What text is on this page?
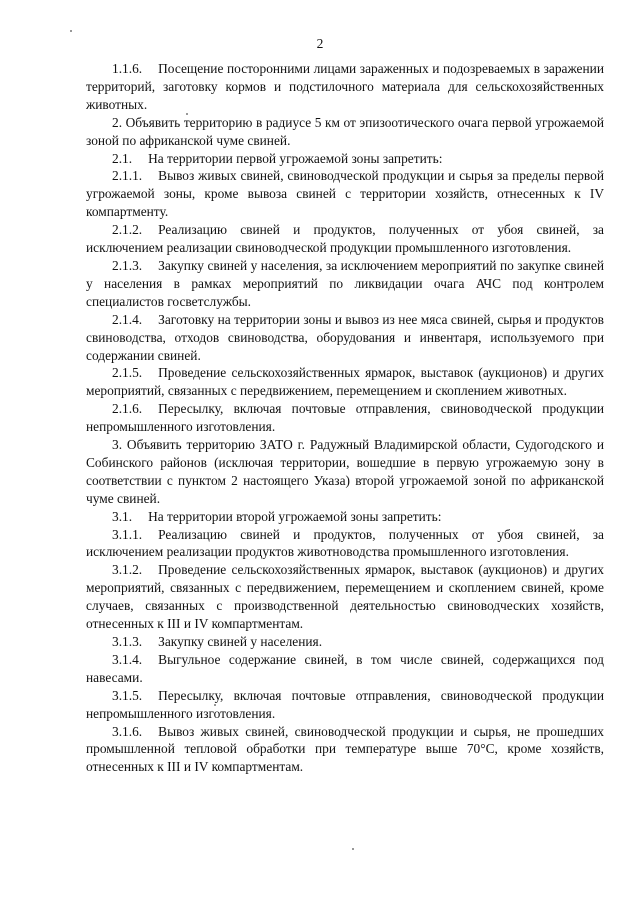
2

1.1.6. Посещение посторонними лицами зараженных и подозреваемых в заражении территорий, заготовку кормов и подстилочного материала для сельскохозяйственных животных.

2. Объявить территорию в радиусе 5 км от эпизоотического очага первой угрожаемой зоной по африканской чуме свиней.

2.1. На территории первой угрожаемой зоны запретить:

2.1.1. Вывоз живых свиней, свиноводческой продукции и сырья за пределы первой угрожаемой зоны, кроме вывоза свиней с территории хозяйств, отнесенных к IV компартменту.

2.1.2. Реализацию свиней и продуктов, полученных от убоя свиней, за исключением реализации свиноводческой продукции промышленного изготовления.

2.1.3. Закупку свиней у населения, за исключением мероприятий по закупке свиней у населения в рамках мероприятий по ликвидации очага АЧС под контролем специалистов госветслужбы.

2.1.4. Заготовку на территории зоны и вывоз из нее мяса свиней, сырья и продуктов свиноводства, отходов свиноводства, оборудования и инвентаря, используемого при содержании свиней.

2.1.5. Проведение сельскохозяйственных ярмарок, выставок (аукционов) и других мероприятий, связанных с передвижением, перемещением и скоплением животных.

2.1.6. Пересылку, включая почтовые отправления, свиноводческой продукции непромышленного изготовления.

3. Объявить территорию ЗАТО г. Радужный Владимирской области, Судогодского и Собинского районов (исключая территории, вошедшие в первую угрожаемую зону в соответствии с пунктом 2 настоящего Указа) второй угрожаемой зоной по африканской чуме свиней.

3.1. На территории второй угрожаемой зоны запретить:

3.1.1. Реализацию свиней и продуктов, полученных от убоя свиней, за исключением реализации продуктов животноводства промышленного изготовления.

3.1.2. Проведение сельскохозяйственных ярмарок, выставок (аукционов) и других мероприятий, связанных с передвижением, перемещением и скоплением свиней, кроме случаев, связанных с производственной деятельностью свиноводческих хозяйств, отнесенных к III и IV компартментам.

3.1.3. Закупку свиней у населения.

3.1.4. Выгульное содержание свиней, в том числе свиней, содержащихся под навесами.

3.1.5. Пересылку, включая почтовые отправления, свиноводческой продукции непромышленного изготовления.

3.1.6. Вывоз живых свиней, свиноводческой продукции и сырья, не прошедших промышленной тепловой обработки при температуре выше 70°С, кроме хозяйств, отнесенных к III и IV компартментам.
